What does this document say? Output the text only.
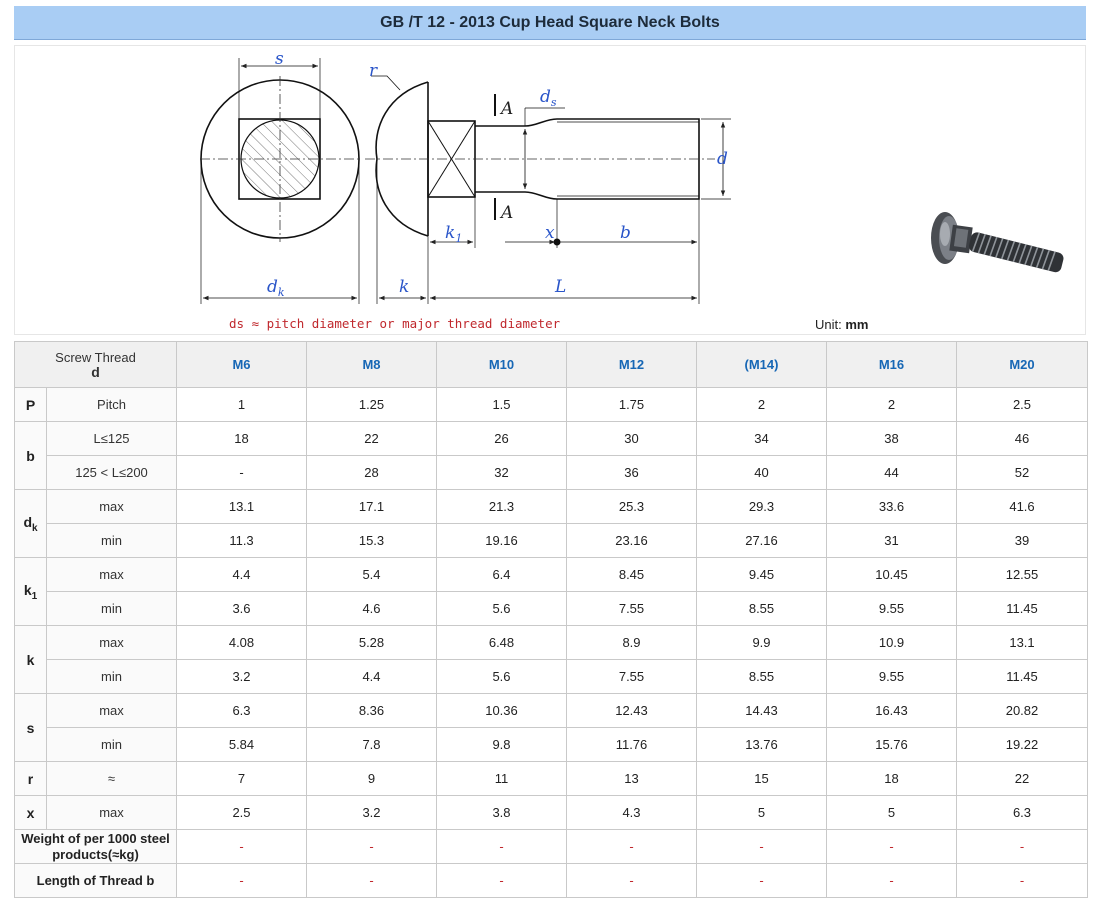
GB /T 12 - 2013 Cup Head Square Neck Bolts
s
r
$d_k$	k
$k_1$
A
A
$d_s$
d
x	b
L
ds ≈ pitch diameter or major thread diameter	Unit: mm
Screw Thread
d		M6	M8	M10	M12	(M14)	M16	M20
P	Pitch	1	1.25	1.5	1.75	2	2	2.5
b	L≤125	18	22	26	30	34	38	46
	125 < L≤200	-	28	32	36	40	44	52
$d_k$	max	13.1	17.1	21.3	25.3	29.3	33.6	41.6
	min	11.3	15.3	19.16	23.16	27.16	31	39
$k_1$	max	4.4	5.4	6.4	8.45	9.45	10.45	12.55
	min	3.6	4.6	5.6	7.55	8.55	9.55	11.45
k	max	4.08	5.28	6.48	8.9	9.9	10.9	13.1
	min	3.2	4.4	5.6	7.55	8.55	9.55	11.45
s	max	6.3	8.36	10.36	12.43	14.43	16.43	20.82
	min	5.84	7.8	9.8	11.76	13.76	15.76	19.22
r	≈	7	9	11	13	15	18	22
x	max	2.5	3.2	3.8	4.3	5	5	6.3
Weight of per 1000 steel products(≈kg)		-	-	-	-	-	-	-
Length of Thread b		-	-	-	-	-	-	-
